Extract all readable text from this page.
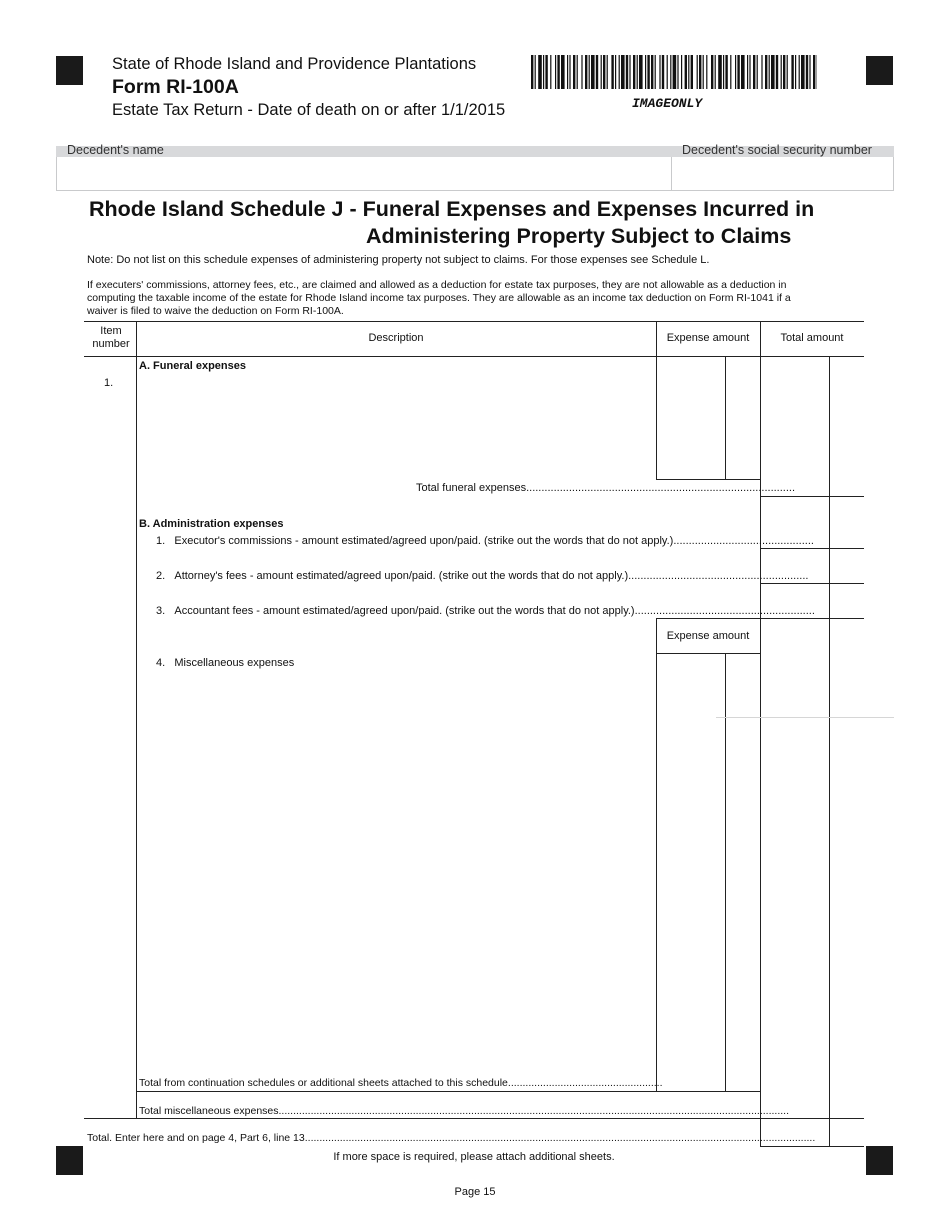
State of Rhode Island and Providence Plantations
Form RI-100A
Estate Tax Return - Date of death on or after 1/1/2015	IMAGEONLY
Decedent's name	Decedent's social security number
Rhode Island Schedule J - Funeral Expenses and Expenses Incurred in
Administering Property Subject to Claims
Note: Do not list on this schedule expenses of administering property not subject to claims. For those expenses see Schedule L.
If executers' commissions, attorney fees, etc., are claimed and allowed as a deduction for estate tax purposes, they are not allowable as a deduction in
computing the taxable income of the estate for Rhode Island income tax purposes. They are allowable as an income tax deduction on Form RI-1041 if a
waiver is filed to waive the deduction on Form RI-100A.
Item number	Description	Expense amount	Total amount
1.
A. Funeral expenses
Total funeral expenses........................................................................................
B. Administration expenses
1. Executor's commissions - amount estimated/agreed upon/paid. (strike out the words that do not apply.)..............................................
2. Attorney's fees - amount estimated/agreed upon/paid. (strike out the words that do not apply.)...........................................................
3. Accountant fees - amount estimated/agreed upon/paid. (strike out the words that do not apply.)...........................................................
Expense amount
4. Miscellaneous expenses
Total from continuation schedules or additional sheets attached to this schedule.....................................................
Total miscellaneous expenses...............................................................................................................................................................................
Total. Enter here and on page 4, Part 6, line 13...............................................................................................................................................................................
If more space is required, please attach additional sheets.
Page 15
